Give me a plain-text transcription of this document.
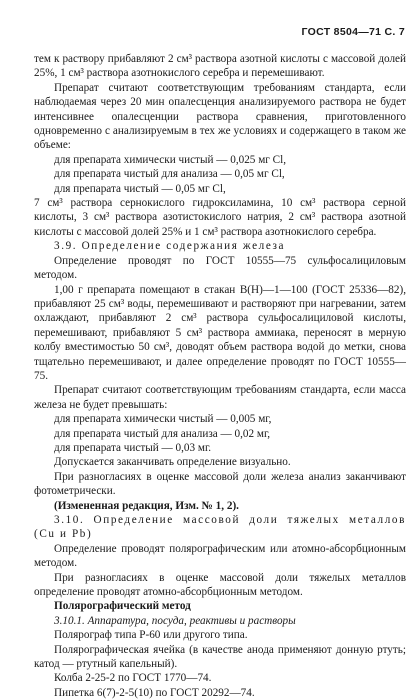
ГОСТ 8504—71 С. 7

тем к раствору прибавляют 2 см³ раствора азотной кислоты с массовой долей 25%, 1 см³ раствора азотнокислого серебра и перемешивают.

Препарат считают соответствующим требованиям стандарта, если наблюдаемая через 20 мин опалесценция анализируемого раствора не будет интенсивнее опалесценции раствора сравнения, приготовленного одновременно с анализируемым в тех же условиях и содержащего в таком же объеме:

для препарата химически чистый — 0,025 мг Cl,

для препарата чистый для анализа — 0,05 мг Cl,

для препарата чистый — 0,05 мг Cl,

7 см³ раствора сернокислого гидроксиламина, 10 см³ раствора серной кислоты, 3 см³ раствора азотистокислого натрия, 2 см³ раствора азотной кислоты с массовой долей 25% и 1 см³ раствора азотнокислого серебра.

3.9. Определение содержания железа

Определение проводят по ГОСТ 10555—75 сульфосалициловым методом.

1,00 г препарата помещают в стакан В(Н)—1—100 (ГОСТ 25336—82), прибавляют 25 см³ воды, перемешивают и растворяют при нагревании, затем охлаждают, прибавляют 2 см³ раствора сульфосалициловой кислоты, перемешивают, прибавляют 5 см³ раствора аммиака, переносят в мерную колбу вместимостью 50 см³, доводят объем раствора водой до метки, снова тщательно перемешивают, и далее определение проводят по ГОСТ 10555—75.

Препарат считают соответствующим требованиям стандарта, если масса железа не будет превышать:

для препарата химически чистый — 0,005 мг,

для препарата чистый для анализа — 0,02 мг,

для препарата чистый — 0,03 мг.

Допускается заканчивать определение визуально.

При разногласиях в оценке массовой доли железа анализ заканчивают фотометрически.

(Измененная редакция, Изм. № 1, 2).

3.10. Определение массовой доли тяжелых металлов (Cu и Pb)

Определение проводят полярографическим или атомно-абсорбционным методом.

При разногласиях в оценке массовой доли тяжелых металлов определение проводят атомно-абсорбционным методом.

Полярографический метод

3.10.1. Аппаратура, посуда, реактивы и растворы

Полярограф типа Р-60 или другого типа.

Полярографическая ячейка (в качестве анода применяют донную ртуть; катод — ртутный капельный).

Колба 2-25-2 по ГОСТ 1770—74.

Пипетка 6(7)-2-5(10) по ГОСТ 20292—74.
